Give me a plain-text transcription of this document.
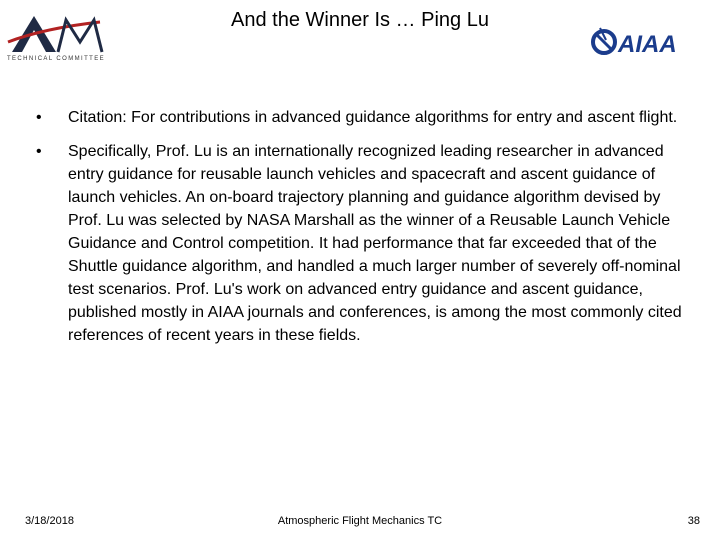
TECHNICAL COMMITTEE
And the Winner Is … Ping Lu
AIAA
•	Citation: For contributions in advanced guidance algorithms for entry and ascent flight.
•	Specifically, Prof. Lu is an internationally recognized leading researcher in advanced entry guidance for reusable launch vehicles and spacecraft and ascent guidance of launch vehicles. An on-board trajectory planning and guidance algorithm devised by Prof. Lu was selected by NASA Marshall as the winner of a Reusable Launch Vehicle Guidance and Control competition. It had performance that far exceeded that of the Shuttle guidance algorithm, and handled a much larger number of severely off-nominal test scenarios. Prof. Lu's work on advanced entry guidance and ascent guidance, published mostly in AIAA journals and conferences, is among the most commonly cited references of recent years in these fields.
3/18/2018	Atmospheric Flight Mechanics TC	38
